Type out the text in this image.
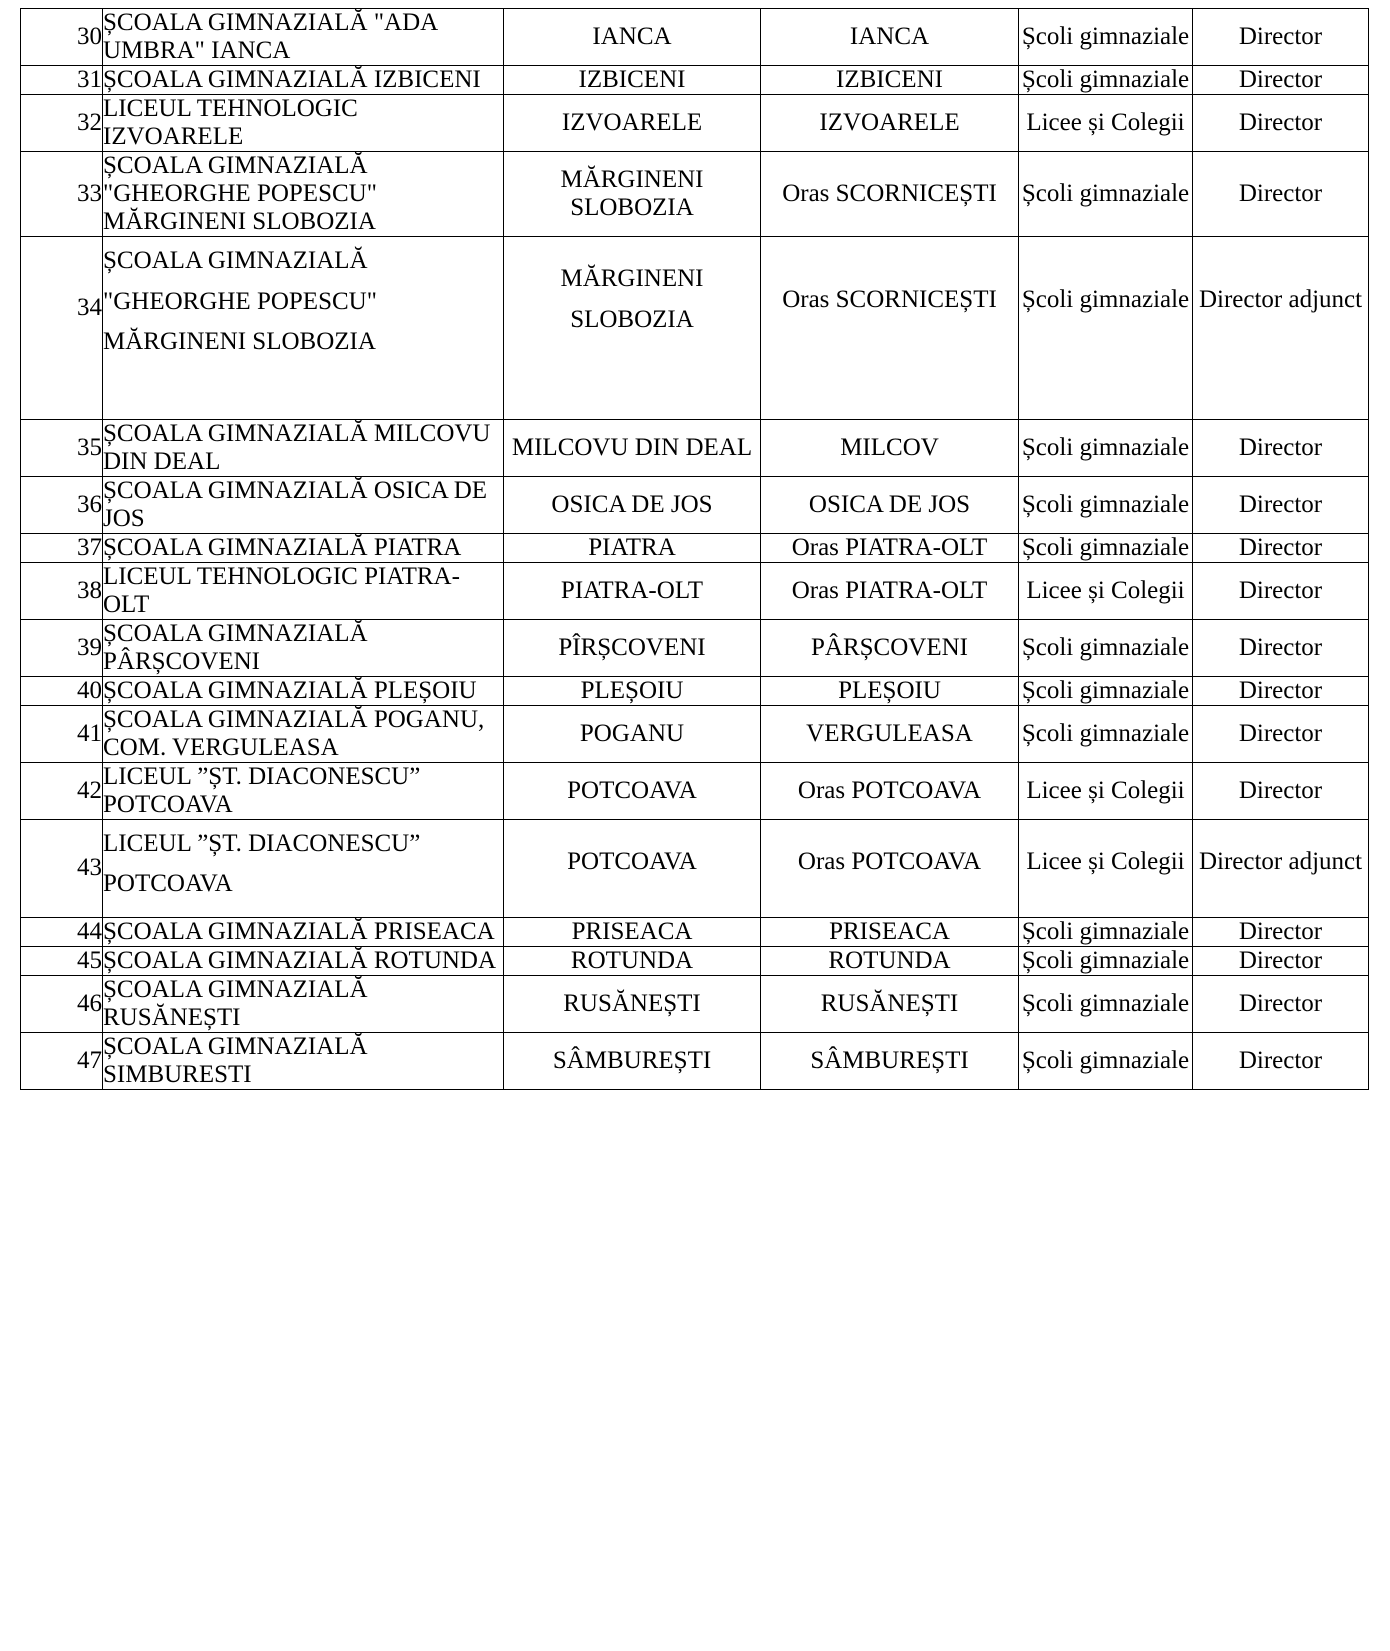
30	ȘCOALA GIMNAZIALĂ "ADA UMBRA" IANCA	IANCA	IANCA	Școli gimnaziale	Director
31	ȘCOALA GIMNAZIALĂ IZBICENI	IZBICENI	IZBICENI	Școli gimnaziale	Director
32	LICEUL TEHNOLOGIC IZVOARELE	IZVOARELE	IZVOARELE	Licee și Colegii	Director
33	ȘCOALA GIMNAZIALĂ "GHEORGHE POPESCU" MĂRGINENI SLOBOZIA	MĂRGINENI SLOBOZIA	Oras SCORNICEȘTI	Școli gimnaziale	Director
34	ȘCOALA GIMNAZIALĂ "GHEORGHE POPESCU" MĂRGINENI SLOBOZIA	MĂRGINENI SLOBOZIA	Oras SCORNICEȘTI	Școli gimnaziale	Director adjunct
35	ȘCOALA GIMNAZIALĂ MILCOVU DIN DEAL	MILCOVU DIN DEAL	MILCOV	Școli gimnaziale	Director
36	ȘCOALA GIMNAZIALĂ OSICA DE JOS	OSICA DE JOS	OSICA DE JOS	Școli gimnaziale	Director
37	ȘCOALA GIMNAZIALĂ PIATRA	PIATRA	Oras PIATRA-OLT	Școli gimnaziale	Director
38	LICEUL TEHNOLOGIC PIATRA-OLT	PIATRA-OLT	Oras PIATRA-OLT	Licee și Colegii	Director
39	ȘCOALA GIMNAZIALĂ PÂRȘCOVENI	PÎRȘCOVENI	PÂRȘCOVENI	Școli gimnaziale	Director
40	ȘCOALA GIMNAZIALĂ PLEȘOIU	PLEȘOIU	PLEȘOIU	Școli gimnaziale	Director
41	ȘCOALA GIMNAZIALĂ POGANU, COM. VERGULEASA	POGANU	VERGULEASA	Școli gimnaziale	Director
42	LICEUL ”ȘT. DIACONESCU” POTCOAVA	POTCOAVA	Oras POTCOAVA	Licee și Colegii	Director
43	LICEUL ”ȘT. DIACONESCU” POTCOAVA	POTCOAVA	Oras POTCOAVA	Licee și Colegii	Director adjunct
44	ȘCOALA GIMNAZIALĂ PRISEACA	PRISEACA	PRISEACA	Școli gimnaziale	Director
45	ȘCOALA GIMNAZIALĂ ROTUNDA	ROTUNDA	ROTUNDA	Școli gimnaziale	Director
46	ȘCOALA GIMNAZIALĂ RUSĂNEȘTI	RUSĂNEȘTI	RUSĂNEȘTI	Școli gimnaziale	Director
47	ȘCOALA GIMNAZIALĂ SIMBURESTI	SÂMBUREȘTI	SÂMBUREȘTI	Școli gimnaziale	Director
